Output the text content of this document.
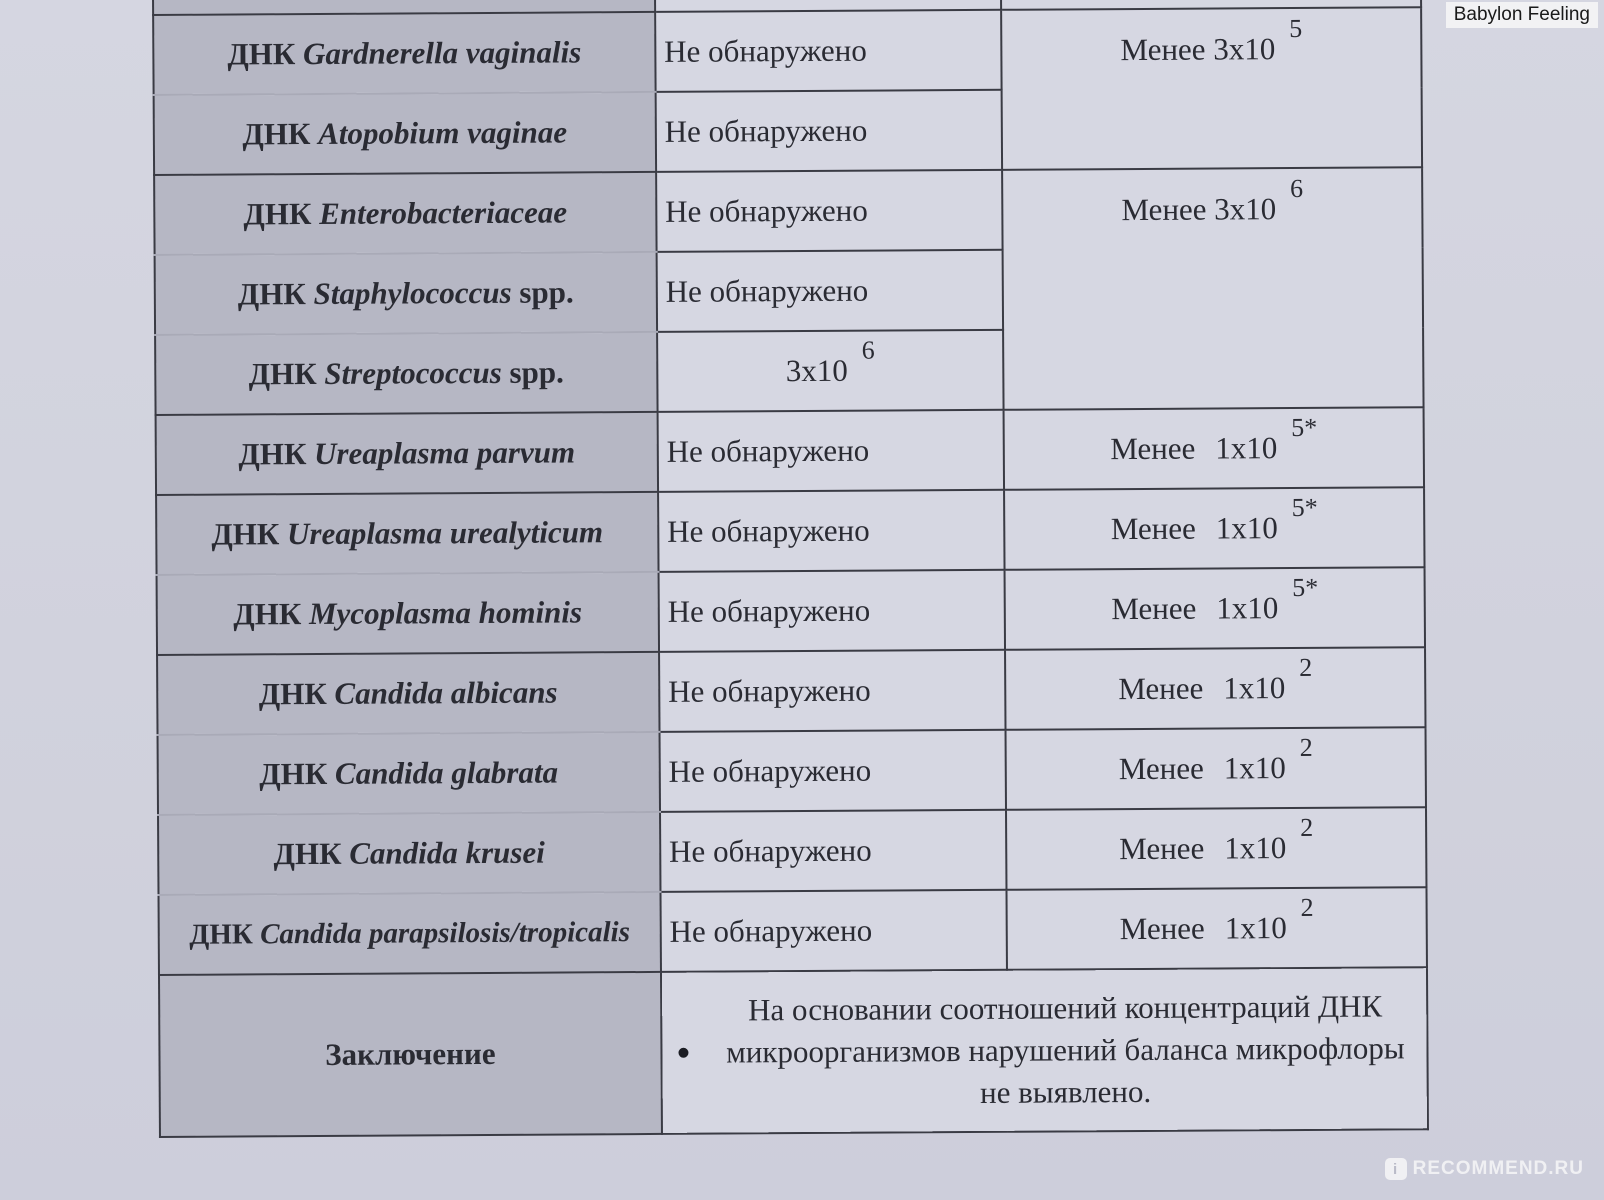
ДНК Gardnerella vaginalis	Не обнаружено	Менее $3x10^5$
ДНК Atopobium vaginae	Не обнаружено	
ДНК Enterobacteriaceae	Не обнаружено	Менее $3x10^6$
ДНК Staphylococcus spp.	Не обнаружено	
ДНК Streptococcus spp.	$3x10^6$
ДНК Ureaplasma parvum	Не обнаружено	Менее $1x10^{5*}$
ДНК Ureaplasma urealyticum	Не обнаружено	Менее $1x10^{5*}$
ДНК Mycoplasma hominis	Не обнаружено	Менее $1x10^{5*}$
ДНК Candida albicans	Не обнаружено	Менее $1x10^2$
ДНК Candida glabrata	Не обнаружено	Менее $1x10^2$
ДНК Candida krusei	Не обнаружено	Менее $1x10^2$
ДНК Candida parapsilosis/tropicalis	Не обнаружено	Менее $1x10^2$
Заключение	На основании соотношений концентраций ДНК микроорганизмов нарушений баланса микрофлоры не выявлено.	
Babylon Feeling
i RECOMMEND.RU
